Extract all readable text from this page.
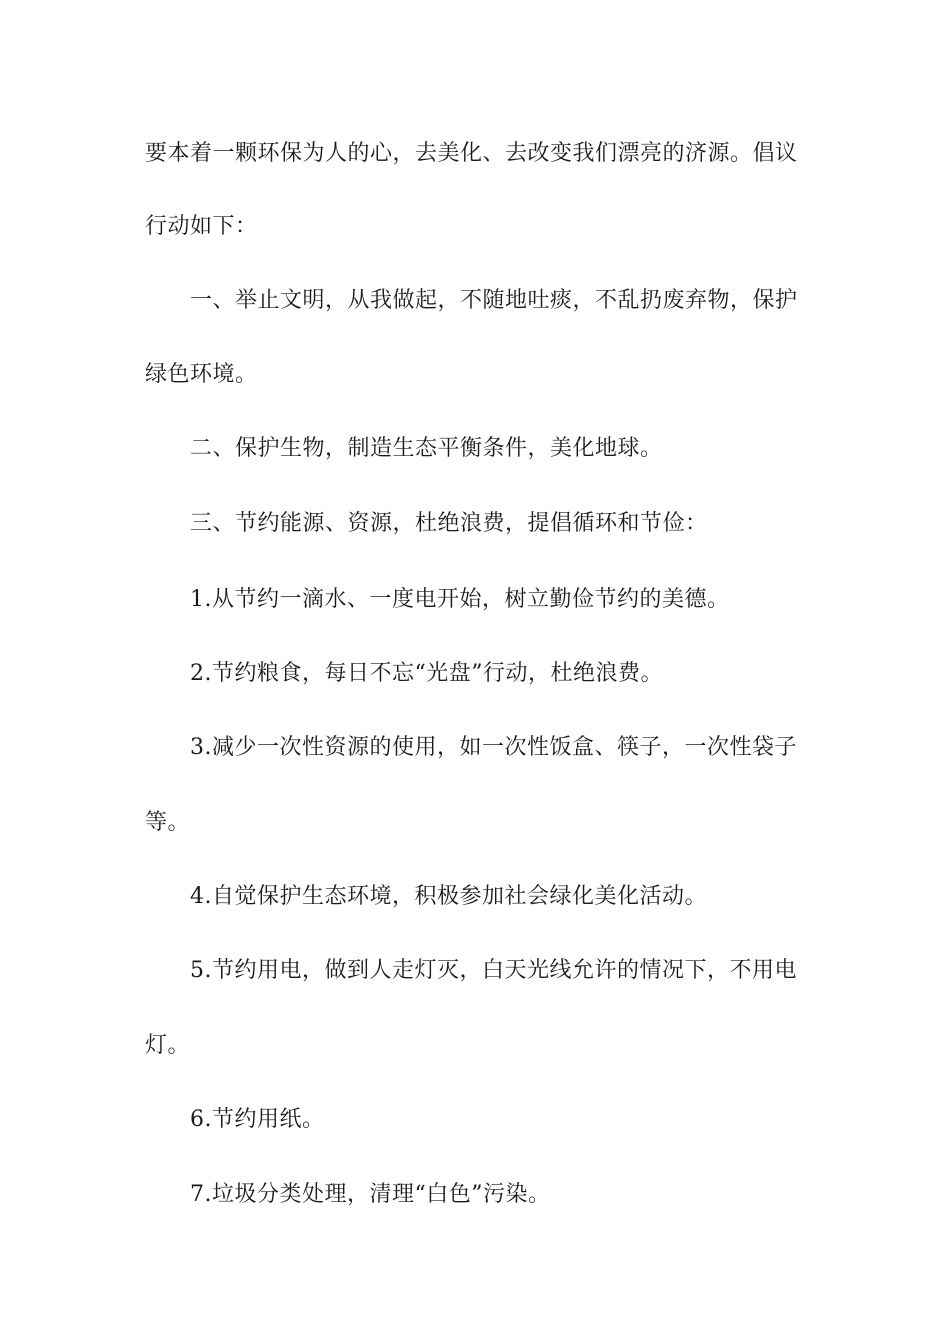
要本着一颗环保为人的心，去美化、去改变我们漂亮的济源。倡议
行动如下：
一、举止文明，从我做起，不随地吐痰，不乱扔废弃物，保护
绿色环境。
二、保护生物，制造生态平衡条件，美化地球。
三、节约能源、资源，杜绝浪费，提倡循环和节俭：
1.从节约一滴水、一度电开始，树立勤俭节约的美德。
2.节约粮食，每日不忘“光盘”行动，杜绝浪费。
3.减少一次性资源的使用，如一次性饭盒、筷子，一次性袋子
等。
4.自觉保护生态环境，积极参加社会绿化美化活动。
5.节约用电，做到人走灯灭，白天光线允许的情况下，不用电
灯。
6.节约用纸。
7.垃圾分类处理，清理“白色”污染。
